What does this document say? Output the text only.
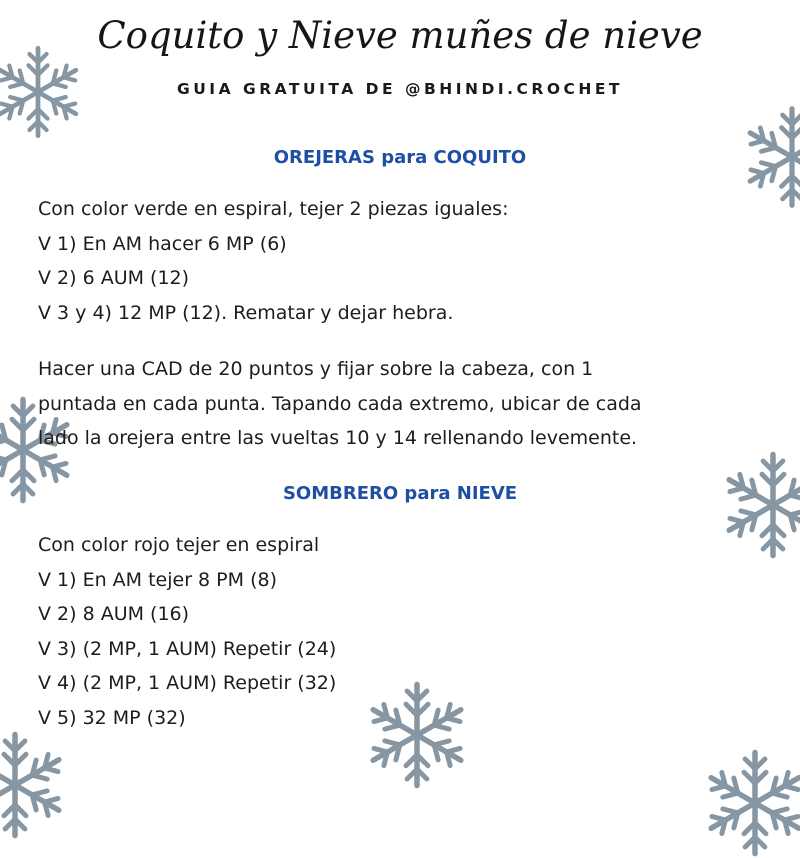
Coquito y Nieve muñes de nieve
GUIA GRATUITA DE @BHINDI.CROCHET
OREJERAS para COQUITO
Con color verde en espiral, tejer 2 piezas iguales:
V 1) En AM hacer 6 MP (6)
V 2) 6 AUM (12)
V 3 y 4) 12 MP (12). Rematar y dejar hebra.
Hacer una CAD de 20 puntos y fijar sobre la cabeza, con 1
puntada en cada punta. Tapando cada extremo, ubicar de cada
lado la orejera entre las vueltas 10 y 14 rellenando levemente.
SOMBRERO para NIEVE
Con color rojo tejer en espiral
V 1) En AM tejer 8 PM (8)
V 2) 8 AUM (16)
V 3) (2 MP, 1 AUM) Repetir (24)
V 4) (2 MP, 1 AUM) Repetir (32)
V 5) 32 MP (32)
